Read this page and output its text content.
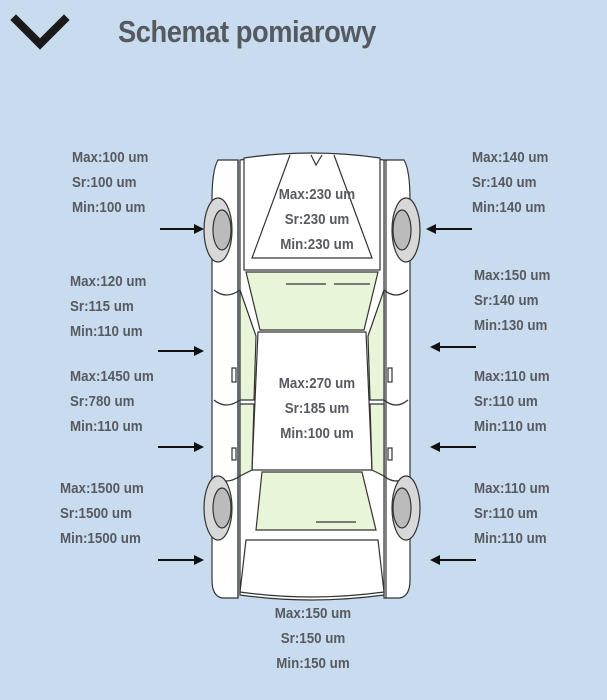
Schemat pomiarowy
Max:100 um
Sr:100 um
Min:100 um
Max:140 um
Sr:140 um
Min:140 um
Max:230 um
Sr:230 um
Min:230 um
Max:120 um
Sr:115 um
Min:110 um
Max:150 um
Sr:140 um
Min:130 um
Max:1450 um
Sr:780 um
Min:110 um
Max:110 um
Sr:110 um
Min:110 um
Max:270 um
Sr:185 um
Min:100 um
Max:1500 um
Sr:1500 um
Min:1500 um
Max:110 um
Sr:110 um
Min:110 um
Max:150 um
Sr:150 um
Min:150 um
